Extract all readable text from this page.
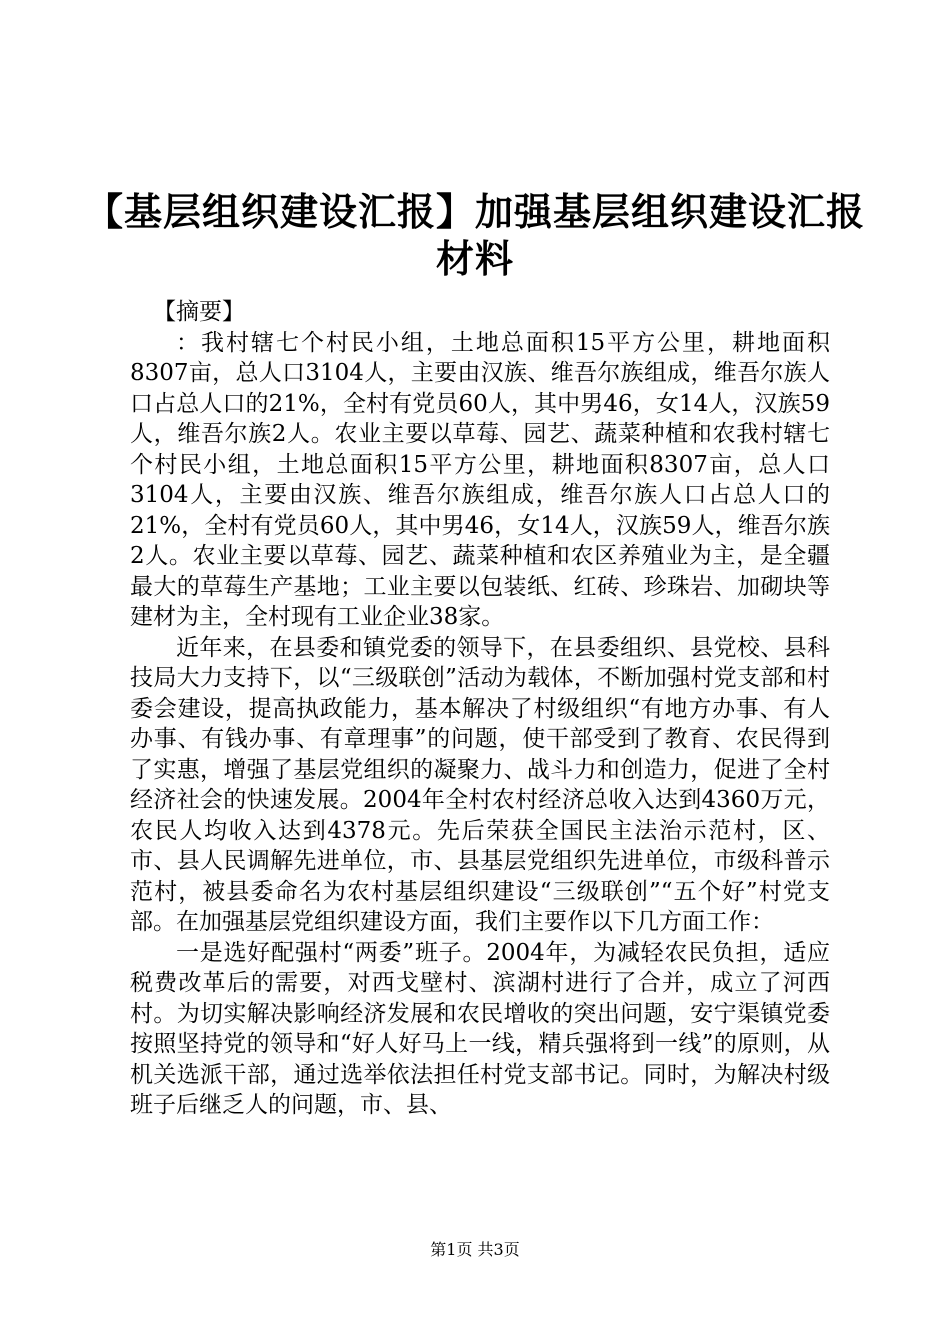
【基层组织建设汇报】加强基层组织建设汇报
材料

【摘要】

：我村辖七个村民小组，土地总面积15平方公里，耕地面积8307亩，总人口3104人，主要由汉族、维吾尔族组成，维吾尔族人口占总人口的21%，全村有党员60人，其中男46，女14人，汉族59人，维吾尔族2人。农业主要以草莓、园艺、蔬菜种植和农我村辖七个村民小组，土地总面积15平方公里，耕地面积8307亩，总人口3104人，主要由汉族、维吾尔族组成，维吾尔族人口占总人口的21%，全村有党员60人，其中男46，女14人，汉族59人，维吾尔族2人。农业主要以草莓、园艺、蔬菜种植和农区养殖业为主，是全疆最大的草莓生产基地；工业主要以包装纸、红砖、珍珠岩、加砌块等建材为主，全村现有工业企业38家。

近年来，在县委和镇党委的领导下，在县委组织、县党校、县科技局大力支持下，以“三级联创”活动为载体，不断加强村党支部和村委会建设，提高执政能力，基本解决了村级组织“有地方办事、有人办事、有钱办事、有章理事”的问题，使干部受到了教育、农民得到了实惠，增强了基层党组织的凝聚力、战斗力和创造力，促进了全村经济社会的快速发展。2004年全村农村经济总收入达到4360万元，农民人均收入达到4378元。先后荣获全国民主法治示范村，区、市、县人民调解先进单位，市、县基层党组织先进单位，市级科普示范村，被县委命名为农村基层组织建设“三级联创”“五个好”村党支部。在加强基层党组织建设方面，我们主要作以下几方面工作：

一是选好配强村“两委”班子。2004年，为减轻农民负担，适应税费改革后的需要，对西戈壁村、滨湖村进行了合并，成立了河西村。为切实解决影响经济发展和农民增收的突出问题，安宁渠镇党委按照坚持党的领导和“好人好马上一线，精兵强将到一线”的原则，从机关选派干部，通过选举依法担任村党支部书记。同时，为解决村级班子后继乏人的问题，市、县、

第1页 共3页
